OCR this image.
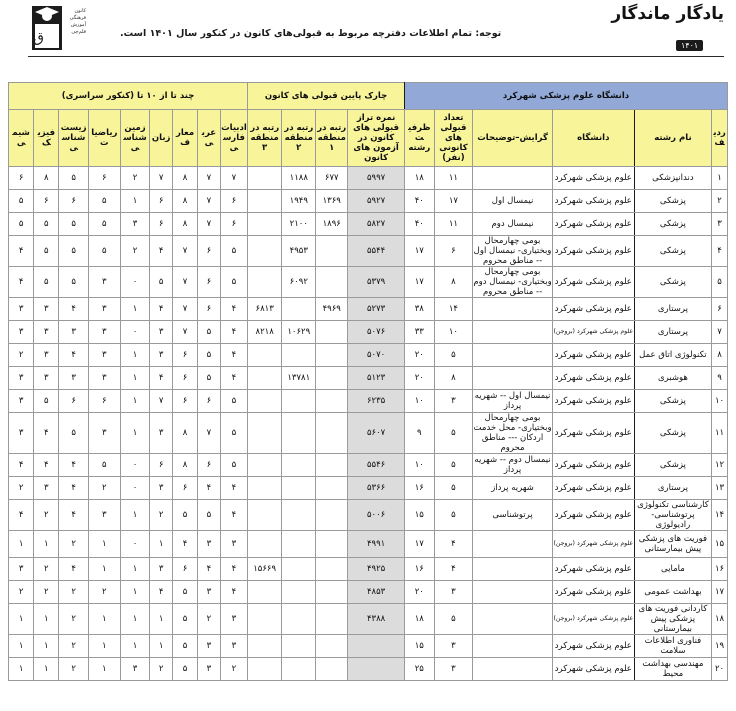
ق
کانون فرهنگی آموزش قلم‌چی	توجه: تمام اطلاعات دفترچه مربوط به قبولی‌های کانون در کنکور سال ۱۴۰۱ است.
یادگار ماندگار
۱۴۰۱
دانشگاه علوم پزشکی شهرکرد						چارک پایین قبولی های کانون				چند تا از ۱۰ تا (کنکور سراسری)								
ردیف	نام رشته	دانشگاه	گرایش–توضیحات	تعداد قبولی های کانونی (نفر)	ظرفیت رشته	نمره تراز قبولی های کانون در آزمون های کانون	رتبه در منطقه ۱	رتبه در منطقه ۲	رتبه در منطقه ۳	ادبیات فارسی	عربی	معارف	زبان	زمین شناسی	ریاضیات	زیست شناسی	فیزیک	شیمی
۱	دندانپزشکی	علوم پزشکی شهرکرد		۱۱	۱۸	۵۹۹۷	۶۷۷	۱۱۸۸		۷	۷	۸	۷	۲	۶	۵	۸	۶
۲	پزشکی	علوم پزشکی شهرکرد	نیمسال اول	۱۷	۴۰	۵۹۲۷	۱۳۶۹	۱۹۴۹		۶	۷	۸	۶	۱	۵	۶	۶	۵
۳	پزشکی	علوم پزشکی شهرکرد	نیمسال دوم	۱۱	۴۰	۵۸۲۷	۱۸۹۶	۲۱۰۰		۶	۷	۸	۶	۳	۵	۵	۵	۵
۴	پزشکی	علوم پزشکی شهرکرد	بومی چهارمحال وبختیاری- نیمسال اول -- مناطق محروم	۶	۱۷	۵۵۴۴		۴۹۵۳		۵	۶	۷	۴	۲	۵	۵	۵	۴
۵	پزشکی	علوم پزشکی شهرکرد	بومی چهارمحال وبختیاری- نیمسال دوم -- مناطق محروم	۸	۱۷	۵۳۷۹		۶۰۹۲		۵	۶	۷	۵	۰	۳	۵	۵	۴
۶	پرستاری	علوم پزشکی شهرکرد		۱۴	۳۸	۵۲۷۳	۴۹۶۹		۶۸۱۳	۴	۶	۷	۴	۱	۳	۴	۳	۳
۷	پرستاری	علوم پزشکی شهرکرد (بروجن)		۱۰	۳۳	۵۰۷۶		۱۰۶۲۹	۸۲۱۸	۴	۵	۷	۳	۰	۳	۳	۳	۳
۸	تکنولوژی اتاق عمل	علوم پزشکی شهرکرد		۵	۲۰	۵۰۷۰				۴	۵	۶	۳	۱	۳	۴	۳	۲
۹	هوشبری	علوم پزشکی شهرکرد		۸	۲۰	۵۱۲۳		۱۳۷۸۱		۴	۵	۶	۴	۱	۳	۳	۳	۳
۱۰	پزشکی	علوم پزشکی شهرکرد	نیمسال اول -- شهریه پرداز	۳	۱۰	۶۲۳۵				۵	۶	۶	۷	۱	۶	۶	۵	۳
۱۱	پزشکی	علوم پزشکی شهرکرد	بومی چهارمحال وبختیاری- محل خدمت اردکان --- مناطق محروم	۵	۹	۵۶۰۷				۵	۷	۸	۳	۱	۳	۵	۴	۳
۱۲	پزشکی	علوم پزشکی شهرکرد	نیمسال دوم -- شهریه پرداز	۵	۱۰	۵۵۴۶				۵	۶	۸	۶	۰	۵	۴	۴	۴
۱۳	پرستاری	علوم پزشکی شهرکرد	شهریه پرداز	۵	۱۶	۵۳۶۶				۴	۴	۶	۳	۰	۲	۴	۳	۲
۱۴	کارشناسی تکنولوژی پرتوشناسی- رادیولوژی	علوم پزشکی شهرکرد	پرتوشناسی	۵	۱۵	۵۰۰۶				۴	۵	۵	۲	۱	۳	۴	۲	۴
۱۵	فوریت های پزشکی پیش بیمارستانی	علوم پزشکی شهرکرد (بروجن)		۴	۱۷	۴۹۹۱				۳	۳	۴	۱	۰	۱	۲	۱	۱
۱۶	مامایی	علوم پزشکی شهرکرد		۴	۱۶	۴۹۲۵			۱۵۶۶۹	۴	۴	۶	۳	۱	۱	۴	۲	۳
۱۷	بهداشت عمومی	علوم پزشکی شهرکرد		۳	۲۰	۴۸۵۳				۴	۳	۵	۴	۱	۲	۲	۲	۲
۱۸	کاردانی فوریت های پزشکی پیش بیمارستانی	علوم پزشکی شهرکرد (بروجن)		۵	۱۸	۴۳۸۸				۳	۲	۵	۱	۱	۱	۲	۱	۱
۱۹	فناوری اطلاعات سلامت	علوم پزشکی شهرکرد		۳	۱۵					۳	۳	۵	۱	۱	۱	۲	۱	۱
۲۰	مهندسی بهداشت محیط	علوم پزشکی شهرکرد		۳	۲۵					۲	۳	۵	۲	۳	۱	۲	۱	۱
